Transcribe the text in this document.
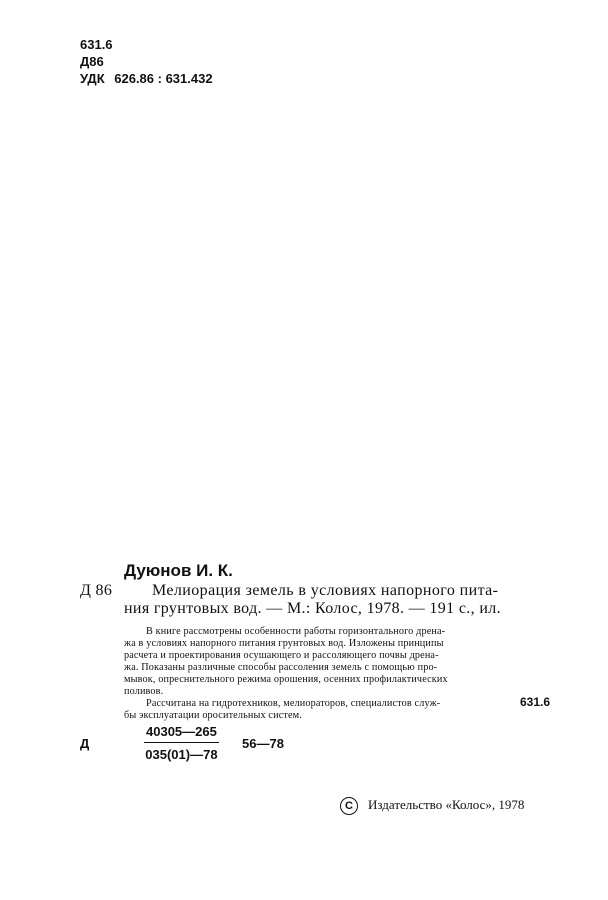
631.6
Д86
УДК 626.86 : 631.432
Дуюнов И. К.
Д 86 Мелиорация земель в условиях напорного пита-
ния грунтовых вод. — М.: Колос, 1978. — 191 с., ил.
В книге рассмотрены особенности работы горизонтального дрена-
жа в условиях напорного питания грунтовых вод. Изложены принципы
расчета и проектирования осушающего и рассоляющего почвы дрена-
жа. Показаны различные способы рассоления земель с помощью про-
мывок, опреснительного режима орошения, осенних профилактических
поливов.
Рассчитана на гидротехников, мелиораторов, специалистов служ-
бы эксплуатации оросительных систем.
631.6
Д	$\frac{40305—265}{035(01)—78}$ 56—78
C Издательство «Колос», 1978
